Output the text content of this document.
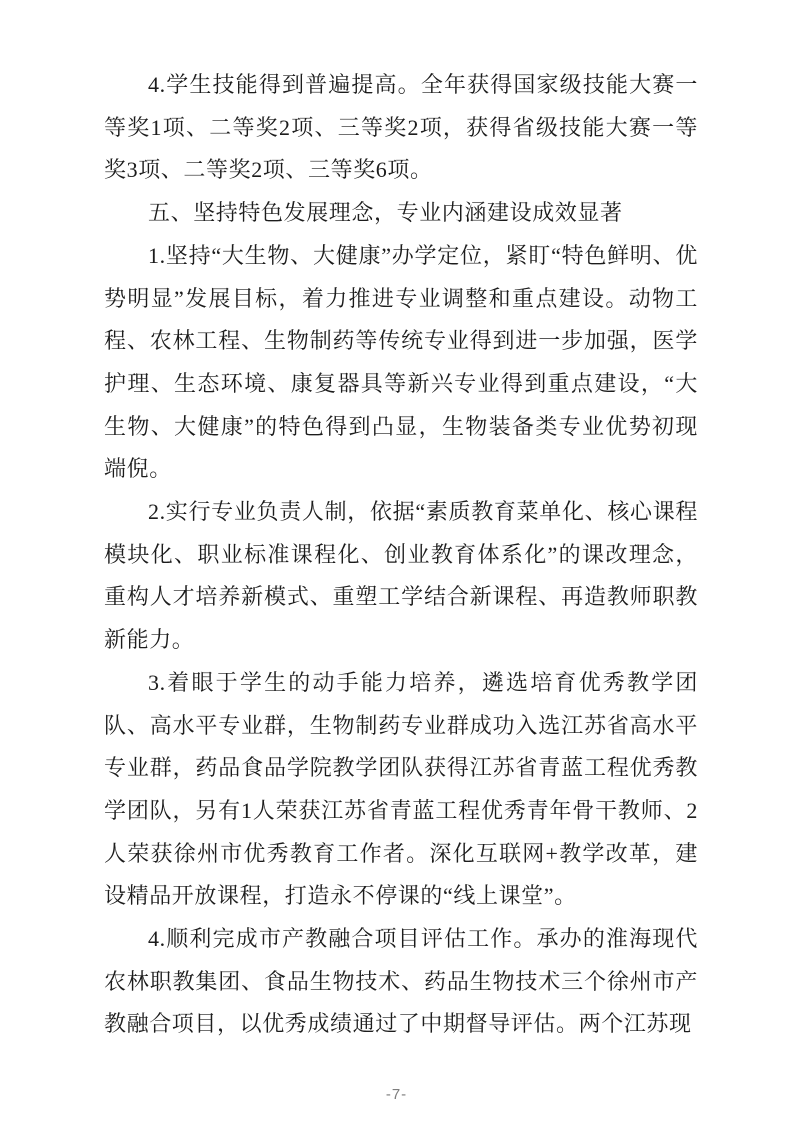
4.学生技能得到普遍提高。全年获得国家级技能大赛一等奖1项、二等奖2项、三等奖2项，获得省级技能大赛一等奖3项、二等奖2项、三等奖6项。

五、坚持特色发展理念，专业内涵建设成效显著

1.坚持“大生物、大健康”办学定位，紧盯“特色鲜明、优势明显”发展目标，着力推进专业调整和重点建设。动物工程、农林工程、生物制药等传统专业得到进一步加强，医学护理、生态环境、康复器具等新兴专业得到重点建设，“大生物、大健康”的特色得到凸显，生物装备类专业优势初现端倪。

2.实行专业负责人制，依据“素质教育菜单化、核心课程模块化、职业标准课程化、创业教育体系化”的课改理念，重构人才培养新模式、重塑工学结合新课程、再造教师职教新能力。

3.着眼于学生的动手能力培养，遴选培育优秀教学团队、高水平专业群，生物制药专业群成功入选江苏省高水平专业群，药品食品学院教学团队获得江苏省青蓝工程优秀教学团队，另有1人荣获江苏省青蓝工程优秀青年骨干教师、2人荣获徐州市优秀教育工作者。深化互联网+教学改革，建设精品开放课程，打造永不停课的“线上课堂”。

4.顺利完成市产教融合项目评估工作。承办的淮海现代农林职教集团、食品生物技术、药品生物技术三个徐州市产教融合项目，以优秀成绩通过了中期督导评估。两个江苏现

-7-
